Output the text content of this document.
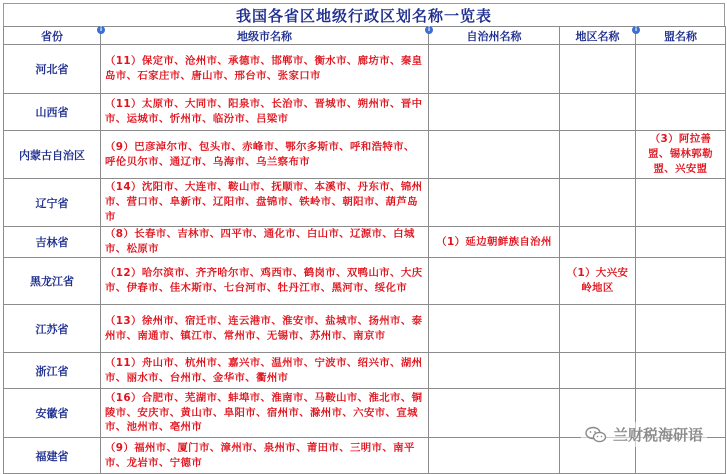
我国各省区地级行政区划名称一览表
省份	i 地级市名称	i 自治州名称	地区名称	i 盟名称
河北省	（11）保定市、沧州市、承德市、邯郸市、衡水市、廊坊市、秦皇岛市、石家庄市、唐山市、邢台市、张家口市			
山西省	（11）太原市、大同市、阳泉市、长治市、晋城市、朔州市、晋中市、运城市、忻州市、临汾市、吕梁市			
内蒙古自治区	（9）巴彦淖尔市、包头市、赤峰市、鄂尔多斯市、呼和浩特市、呼伦贝尔市、通辽市、乌海市、乌兰察布市			（3）阿拉善盟、锡林郭勒盟、兴安盟
辽宁省	（14）沈阳市、大连市、鞍山市、抚顺市、本溪市、丹东市、锦州市、营口市、阜新市、辽阳市、盘锦市、铁岭市、朝阳市、葫芦岛市			
吉林省	（8）长春市、吉林市、四平市、通化市、白山市、辽源市、白城市、松原市	（1）延边朝鲜族自治州		
黑龙江省	（12）哈尔滨市、齐齐哈尔市、鸡西市、鹤岗市、双鸭山市、大庆市、伊春市、佳木斯市、七台河市、牡丹江市、黑河市、绥化市		（1）大兴安岭地区	
江苏省	（13）徐州市、宿迁市、连云港市、淮安市、盐城市、扬州市、泰州市、南通市、镇江市、常州市、无锡市、苏州市、南京市			
浙江省	（11）舟山市、杭州市、嘉兴市、温州市、宁波市、绍兴市、湖州市、丽水市、台州市、金华市、衢州市			
安徽省	（16）合肥市、芜湖市、蚌埠市、淮南市、马鞍山市、淮北市、铜陵市、安庆市、黄山市、阜阳市、宿州市、滁州市、六安市、宣城市、池州市、亳州市			
福建省	（9）福州市、厦门市、漳州市、泉州市、莆田市、三明市、南平市、龙岩市、宁德市			
兰财税海研语
